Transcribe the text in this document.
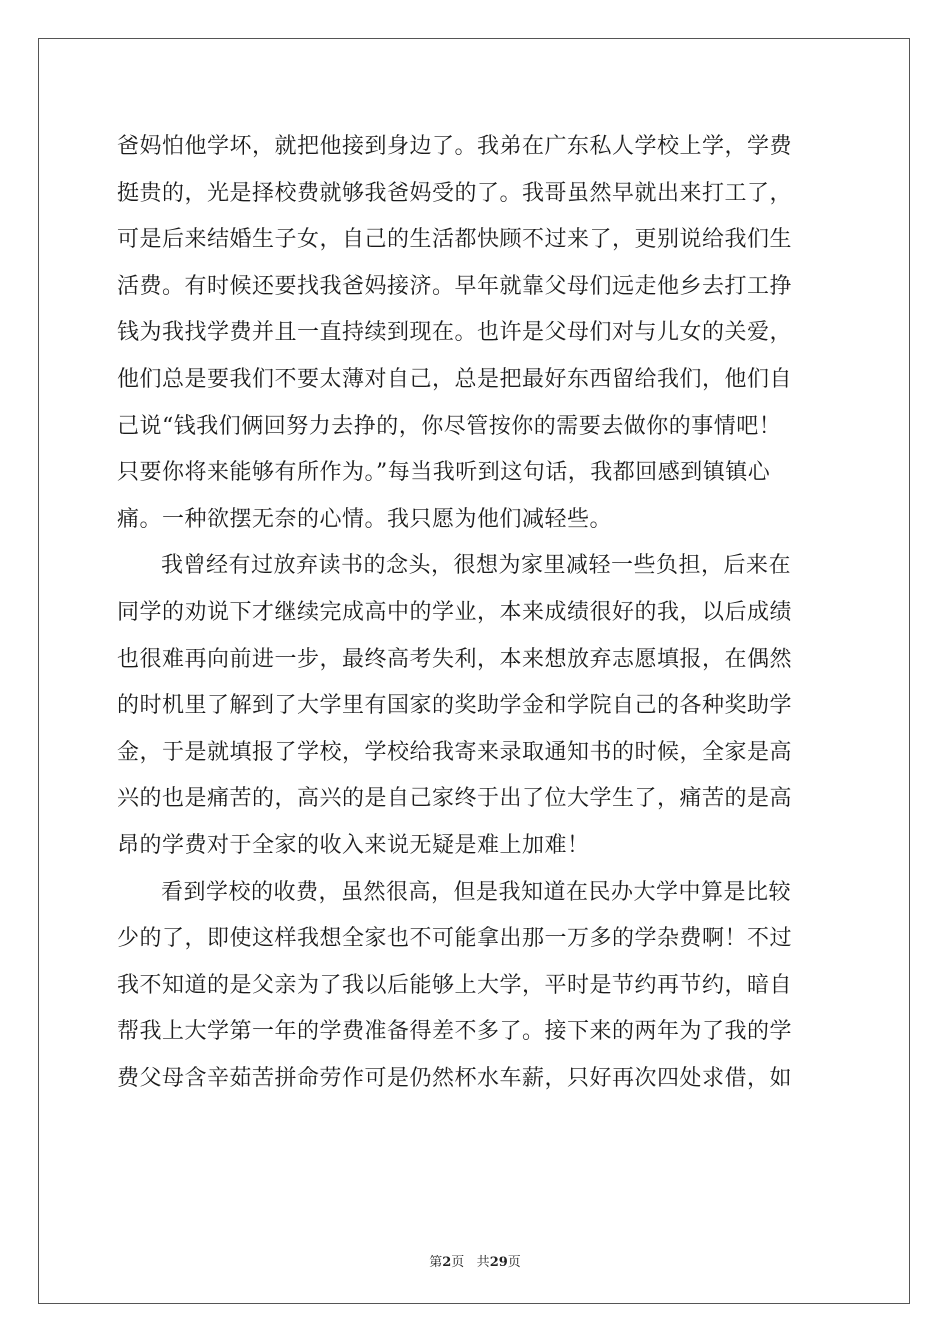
爸妈怕他学坏，就把他接到身边了。我弟在广东私人学校上学，学费
挺贵的，光是择校费就够我爸妈受的了。我哥虽然早就出来打工了，
可是后来结婚生子女，自己的生活都快顾不过来了，更别说给我们生
活费。有时候还要找我爸妈接济。早年就靠父母们远走他乡去打工挣
钱为我找学费并且一直持续到现在。也许是父母们对与儿女的关爱，
他们总是要我们不要太薄对自己，总是把最好东西留给我们，他们自
己说“钱我们俩回努力去挣的，你尽管按你的需要去做你的事情吧！
只要你将来能够有所作为。”每当我听到这句话，我都回感到镇镇心
痛。一种欲摆无奈的心情。我只愿为他们减轻些。
我曾经有过放弃读书的念头，很想为家里减轻一些负担，后来在
同学的劝说下才继续完成高中的学业，本来成绩很好的我，以后成绩
也很难再向前进一步，最终高考失利，本来想放弃志愿填报，在偶然
的时机里了解到了大学里有国家的奖助学金和学院自己的各种奖助学
金，于是就填报了学校，学校给我寄来录取通知书的时候，全家是高
兴的也是痛苦的，高兴的是自己家终于出了位大学生了，痛苦的是高
昂的学费对于全家的收入来说无疑是难上加难！
看到学校的收费，虽然很高，但是我知道在民办大学中算是比较
少的了，即使这样我想全家也不可能拿出那一万多的学杂费啊！不过
我不知道的是父亲为了我以后能够上大学，平时是节约再节约，暗自
帮我上大学第一年的学费准备得差不多了。接下来的两年为了我的学
费父母含辛茹苦拼命劳作可是仍然杯水车薪，只好再次四处求借，如
第2页 共29页
